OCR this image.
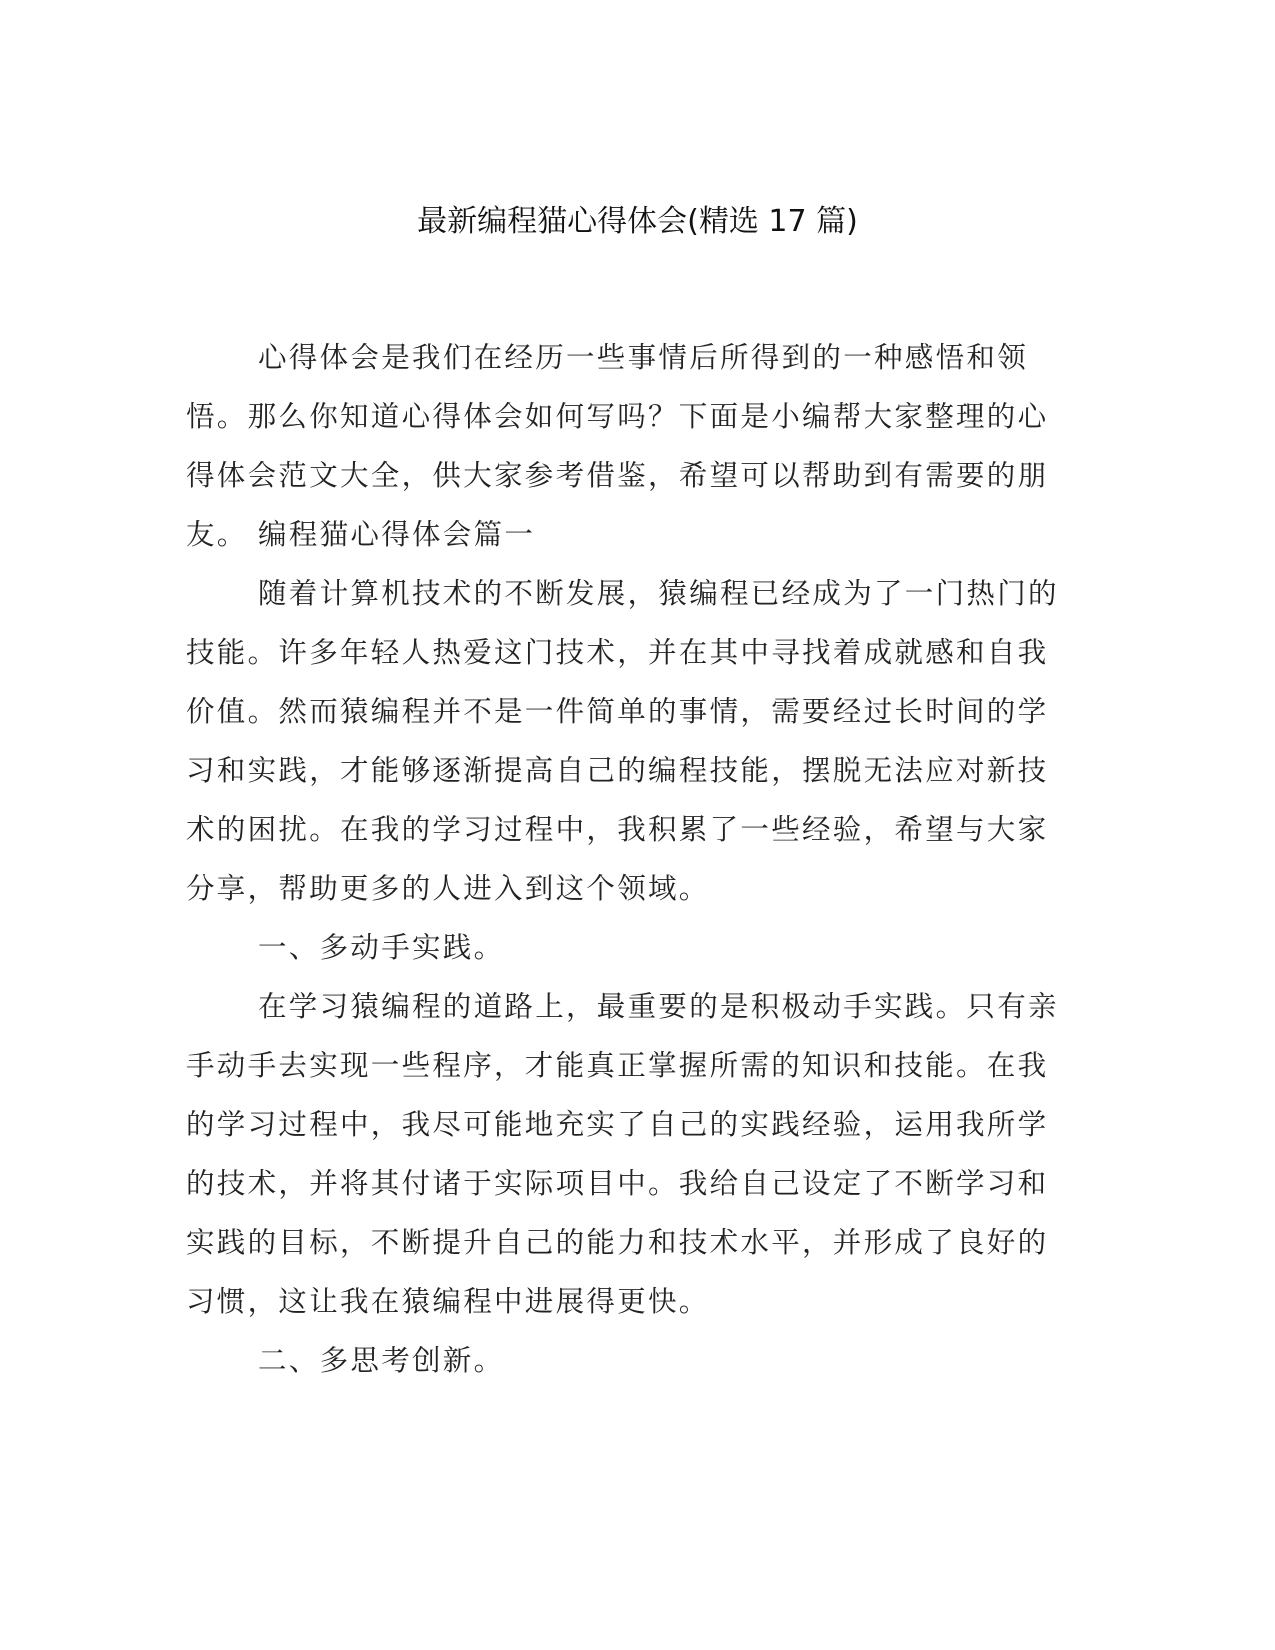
最新编程猫心得体会(精选 17 篇)

心得体会是我们在经历一些事情后所得到的一种感悟和领悟。那么你知道心得体会如何写吗？下面是小编帮大家整理的心得体会范文大全，供大家参考借鉴，希望可以帮助到有需要的朋友。 编程猫心得体会篇一

随着计算机技术的不断发展，猿编程已经成为了一门热门的技能。许多年轻人热爱这门技术，并在其中寻找着成就感和自我价值。然而猿编程并不是一件简单的事情，需要经过长时间的学习和实践，才能够逐渐提高自己的编程技能，摆脱无法应对新技术的困扰。在我的学习过程中，我积累了一些经验，希望与大家分享，帮助更多的人进入到这个领域。

一、多动手实践。

在学习猿编程的道路上，最重要的是积极动手实践。只有亲手动手去实现一些程序，才能真正掌握所需的知识和技能。在我的学习过程中，我尽可能地充实了自己的实践经验，运用我所学的技术，并将其付诸于实际项目中。我给自己设定了不断学习和实践的目标，不断提升自己的能力和技术水平，并形成了良好的习惯，这让我在猿编程中进展得更快。

二、多思考创新。
